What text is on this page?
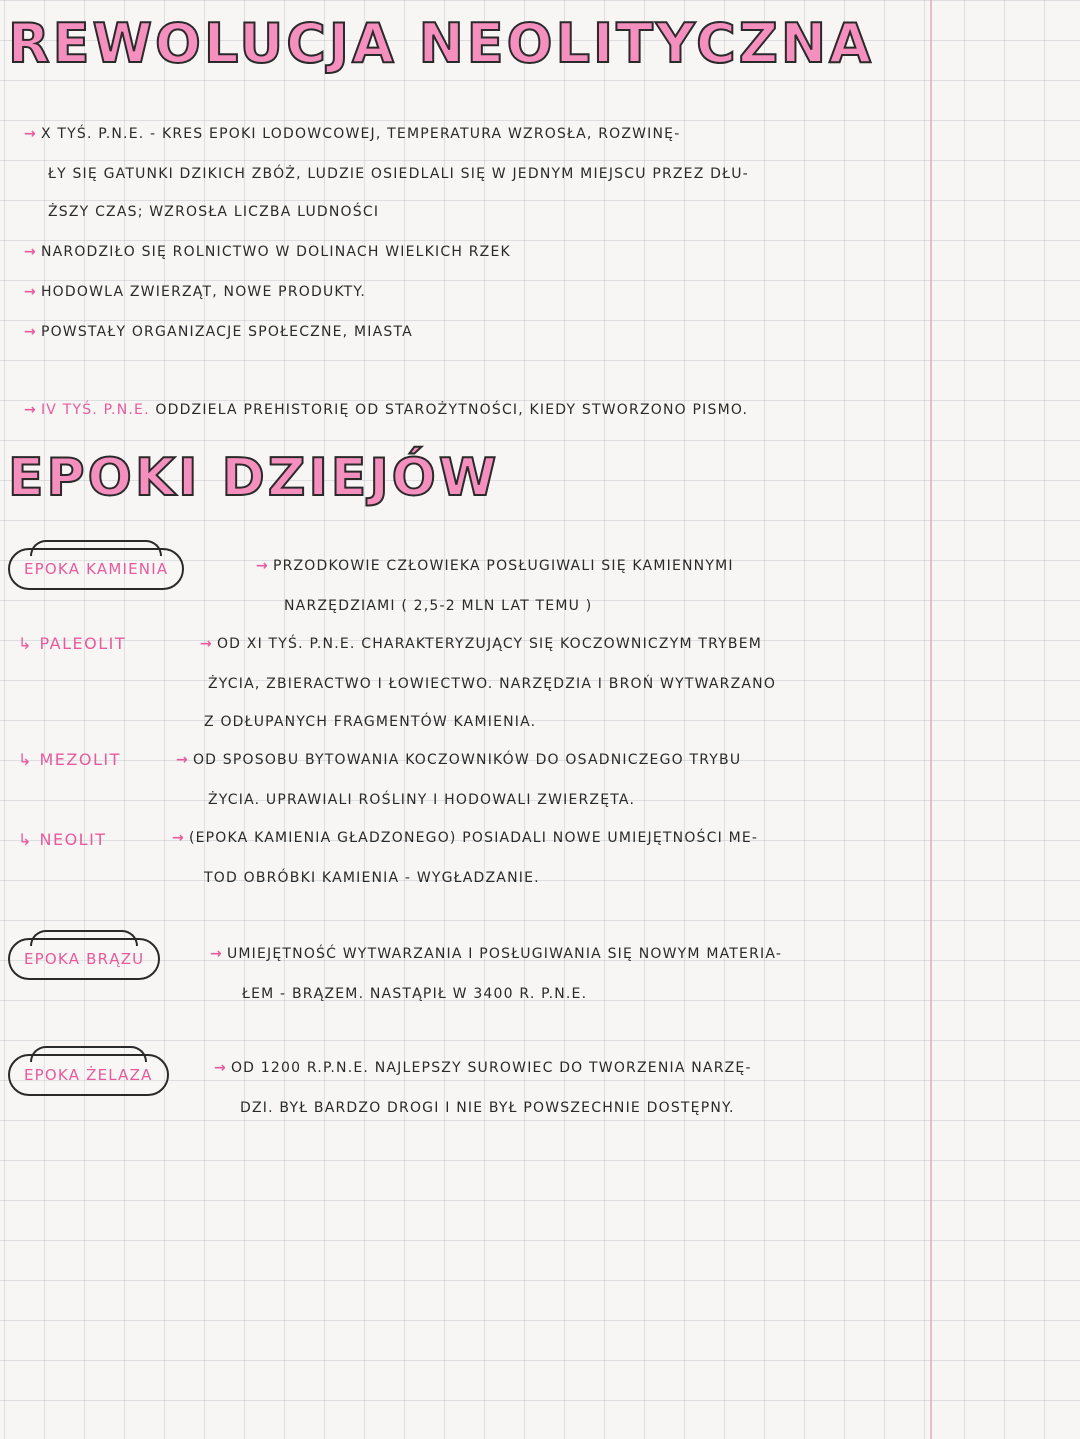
REWOLUCJA NEOLITYCZNA
→ X TYŚ. P.N.E. - KRES EPOKI LODOWCOWEJ, TEMPERATURA WZROSŁA, ROZWINĘ-
ŁY SIĘ GATUNKI DZIKICH ZBÓŻ, LUDZIE OSIEDLALI SIĘ W JEDNYM MIEJSCU PRZEZ DŁU-
ŻSZY CZAS; WZROSŁA LICZBA LUDNOŚCI
→ NARODZIŁO SIĘ ROLNICTWO W DOLINACH WIELKICH RZEK
→ HODOWLA ZWIERZĄT, NOWE PRODUKTY.
→ POWSTAŁY ORGANIZACJE SPOŁECZNE, MIASTA
→ IV TYŚ. P.N.E. ODDZIELA PREHISTORIĘ OD STAROŻYTNOŚCI, KIEDY STWORZONO PISMO.
EPOKI DZIEJÓW
EPOKA KAMIENIA	→ PRZODKOWIE CZŁOWIEKA POSŁUGIWALI SIĘ KAMIENNYMI
NARZĘDZIAMI ( 2,5-2 MLN LAT TEMU )
↳ PALEOLIT	→ OD XI TYŚ. P.N.E. CHARAKTERYZUJĄCY SIĘ KOCZOWNICZYM TRYBEM
ŻYCIA, ZBIERACTWO I ŁOWIECTWO. NARZĘDZIA I BROŃ WYTWARZANO
Z ODŁUPANYCH FRAGMENTÓW KAMIENIA.
↳ MEZOLIT	→ OD SPOSOBU BYTOWANIA KOCZOWNIKÓW DO OSADNICZEGO TRYBU
ŻYCIA. UPRAWIALI ROŚLINY I HODOWALI ZWIERZĘTA.
↳ NEOLIT	→ (EPOKA KAMIENIA GŁADZONEGO) POSIADALI NOWE UMIEJĘTNOŚCI ME-
TOD OBRÓBKI KAMIENIA - WYGŁADZANIE.
EPOKA BRĄZU	→ UMIEJĘTNOŚĆ WYTWARZANIA I POSŁUGIWANIA SIĘ NOWYM MATERIA-
ŁEM - BRĄZEM. NASTĄPIŁ W 3400 R. P.N.E.
EPOKA ŻELAZA	→ OD 1200 R.P.N.E. NAJLEPSZY SUROWIEC DO TWORZENIA NARZĘ-
DZI. BYŁ BARDZO DROGI I NIE BYŁ POWSZECHNIE DOSTĘPNY.
